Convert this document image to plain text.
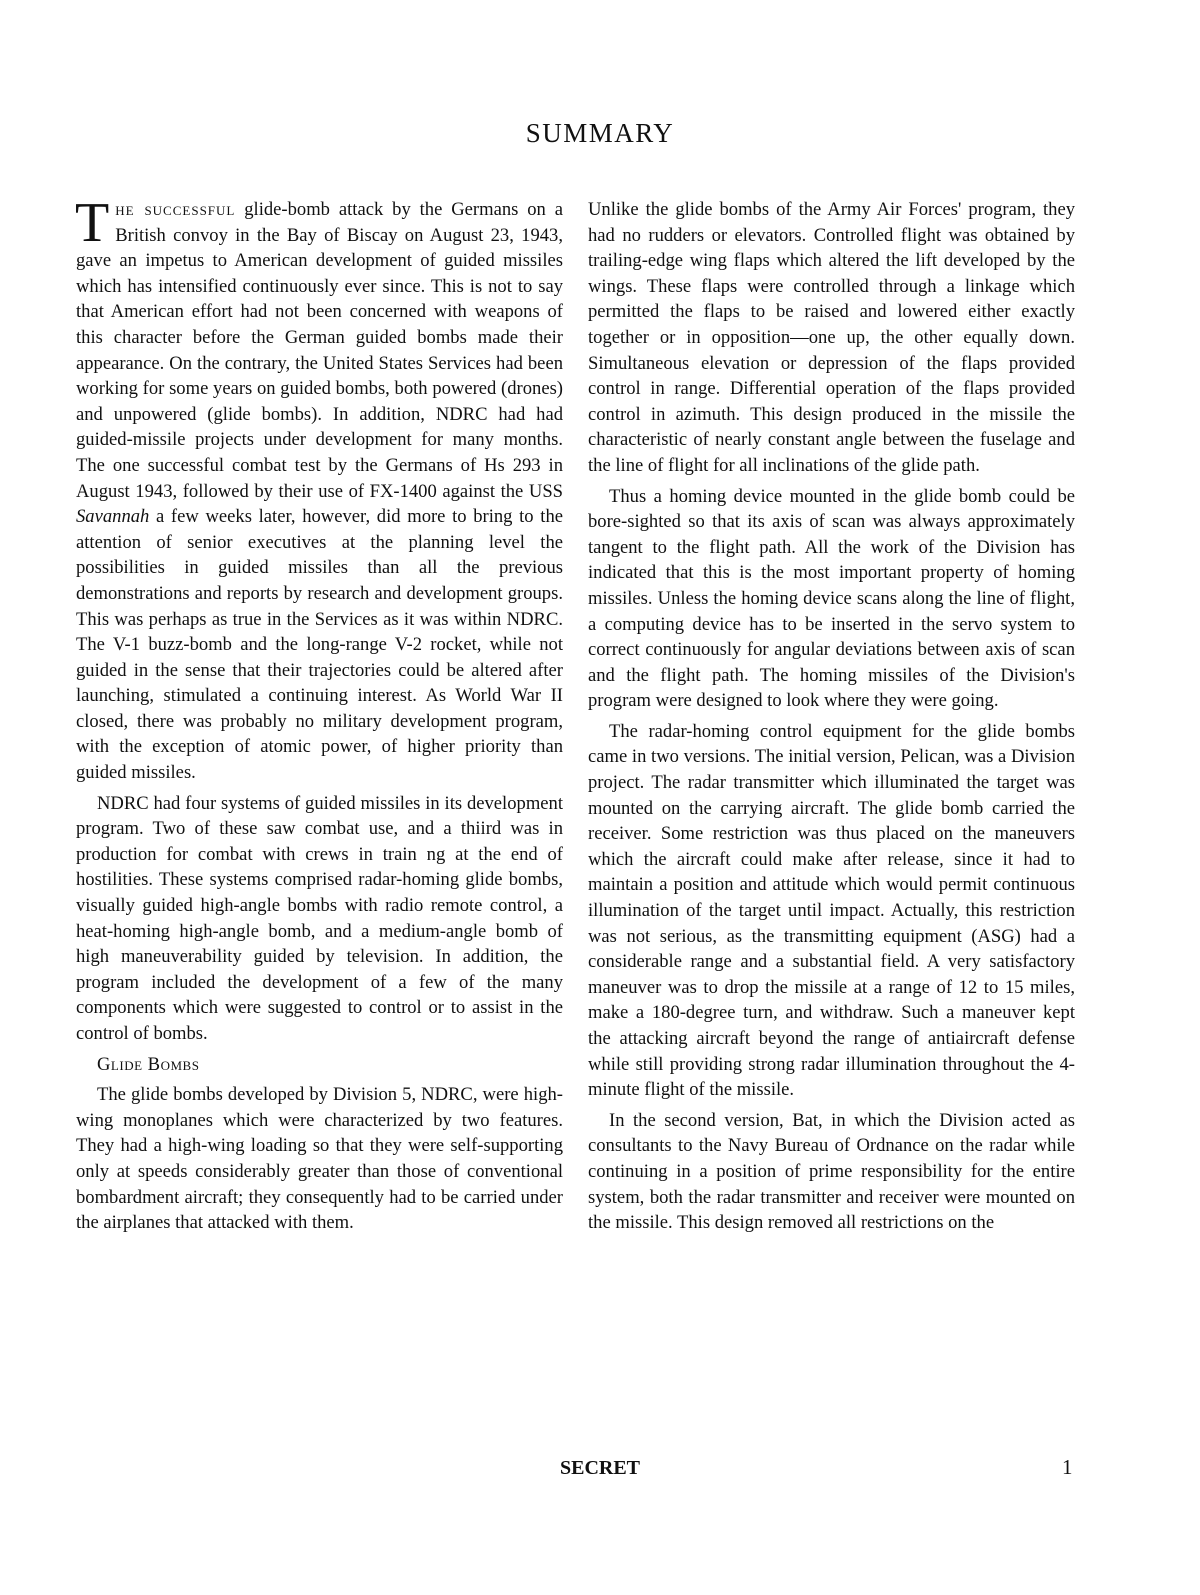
SUMMARY

The successful glide-bomb attack by the Germans on a British convoy in the Bay of Biscay on August 23, 1943, gave an impetus to American development of guided missiles which has intensified continuously ever since. This is not to say that American effort had not been concerned with weapons of this character before the German guided bombs made their appearance. On the contrary, the United States Services had been working for some years on guided bombs, both powered (drones) and unpowered (glide bombs). In addition, NDRC had had guided-missile projects under development for many months. The one successful combat test by the Germans of Hs 293 in August 1943, followed by their use of FX-1400 against the USS Savannah a few weeks later, however, did more to bring to the attention of senior executives at the planning level the possibilities in guided missiles than all the previous demonstrations and reports by research and development groups. This was perhaps as true in the Services as it was within NDRC. The V-1 buzz-bomb and the long-range V-2 rocket, while not guided in the sense that their trajectories could be altered after launching, stimulated a continuing interest. As World War II closed, there was probably no military development program, with the exception of atomic power, of higher priority than guided missiles.

NDRC had four systems of guided missiles in its development program. Two of these saw combat use, and a thiird was in production for combat with crews in train ng at the end of hostilities. These systems comprised radar-homing glide bombs, visually guided high-angle bombs with radio remote control, a heat-homing high-angle bomb, and a medium-angle bomb of high maneuverability guided by television. In addition, the program included the development of a few of the many components which were suggested to control or to assist in the control of bombs.

Glide Bombs

The glide bombs developed by Division 5, NDRC, were high-wing monoplanes which were characterized by two features. They had a high-wing loading so that they were self-supporting only at speeds considerably greater than those of conventional bombardment aircraft; they consequently had to be carried under the airplanes that attacked with them.

Unlike the glide bombs of the Army Air Forces' program, they had no rudders or elevators. Controlled flight was obtained by trailing-edge wing flaps which altered the lift developed by the wings. These flaps were controlled through a linkage which permitted the flaps to be raised and lowered either exactly together or in opposition—one up, the other equally down. Simultaneous elevation or depression of the flaps provided control in range. Differential operation of the flaps provided control in azimuth. This design produced in the missile the characteristic of nearly constant angle between the fuselage and the line of flight for all inclinations of the glide path.

Thus a homing device mounted in the glide bomb could be bore-sighted so that its axis of scan was always approximately tangent to the flight path. All the work of the Division has indicated that this is the most important property of homing missiles. Unless the homing device scans along the line of flight, a computing device has to be inserted in the servo system to correct continuously for angular deviations between axis of scan and the flight path. The homing missiles of the Division's program were designed to look where they were going.

The radar-homing control equipment for the glide bombs came in two versions. The initial version, Pelican, was a Division project. The radar transmitter which illuminated the target was mounted on the carrying aircraft. The glide bomb carried the receiver. Some restriction was thus placed on the maneuvers which the aircraft could make after release, since it had to maintain a position and attitude which would permit continuous illumination of the target until impact. Actually, this restriction was not serious, as the transmitting equipment (ASG) had a considerable range and a substantial field. A very satisfactory maneuver was to drop the missile at a range of 12 to 15 miles, make a 180-degree turn, and withdraw. Such a maneuver kept the attacking aircraft beyond the range of antiaircraft defense while still providing strong radar illumination throughout the 4-minute flight of the missile.

In the second version, Bat, in which the Division acted as consultants to the Navy Bureau of Ordnance on the radar while continuing in a position of prime responsibility for the entire system, both the radar transmitter and receiver were mounted on the missile. This design removed all restrictions on the

SECRET	1
